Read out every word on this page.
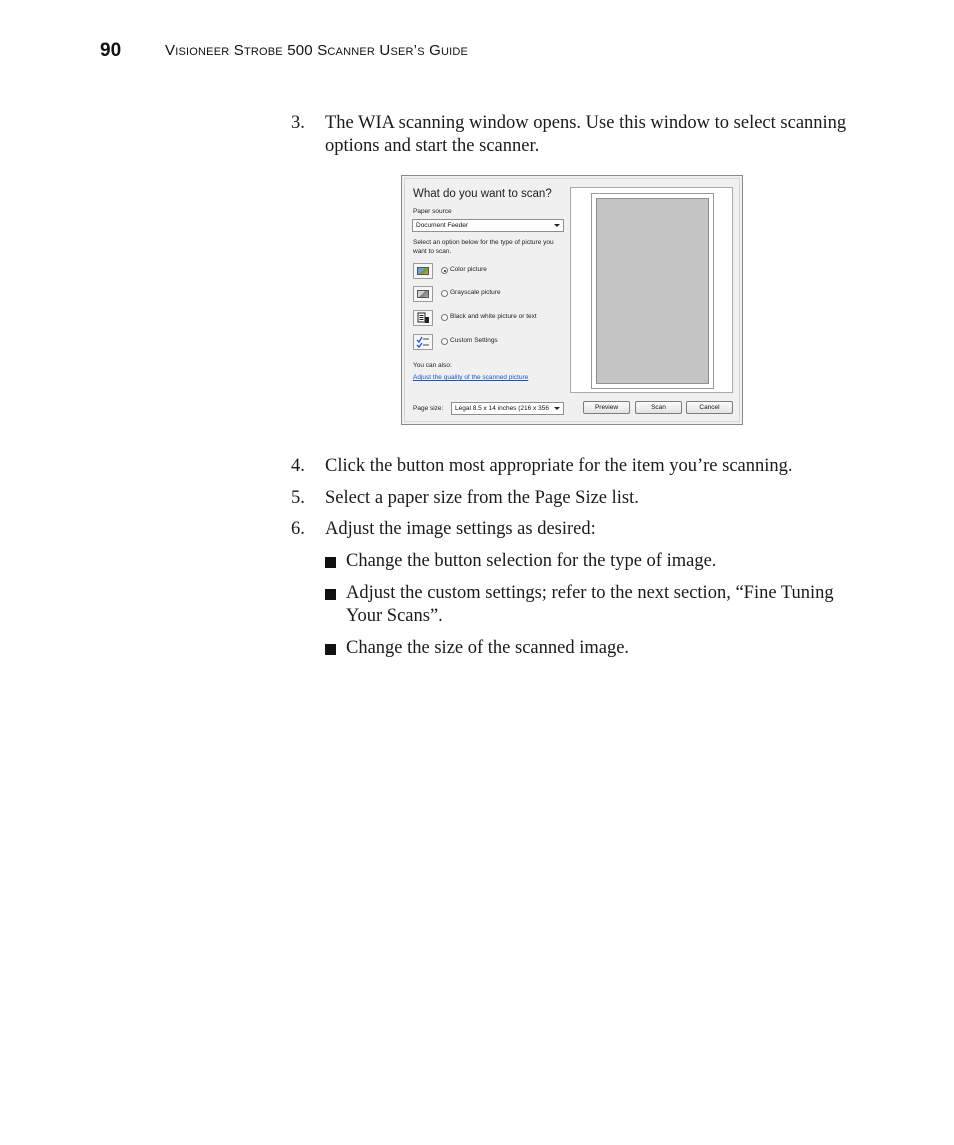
90	Visioneer Strobe 500 Scanner User’s Guide
3. The WIA scanning window opens. Use this window to select scanning options and start the scanner.
What do you want to scan?
Paper source
Document Feeder
Select an option below for the type of picture you want to scan.
Color picture
Grayscale picture
Black and white picture or text
Custom Settings
You can also:
Adjust the quality of the scanned picture
Page size:	Legal 8.5 x 14 inches (216 x 356	Preview	Scan	Cancel
4. Click the button most appropriate for the item you’re scanning.
5. Select a paper size from the Page Size list.
6. Adjust the image settings as desired:
Change the button selection for the type of image.
Adjust the custom settings; refer to the next section, “Fine Tuning Your Scans”.
Change the size of the scanned image.
